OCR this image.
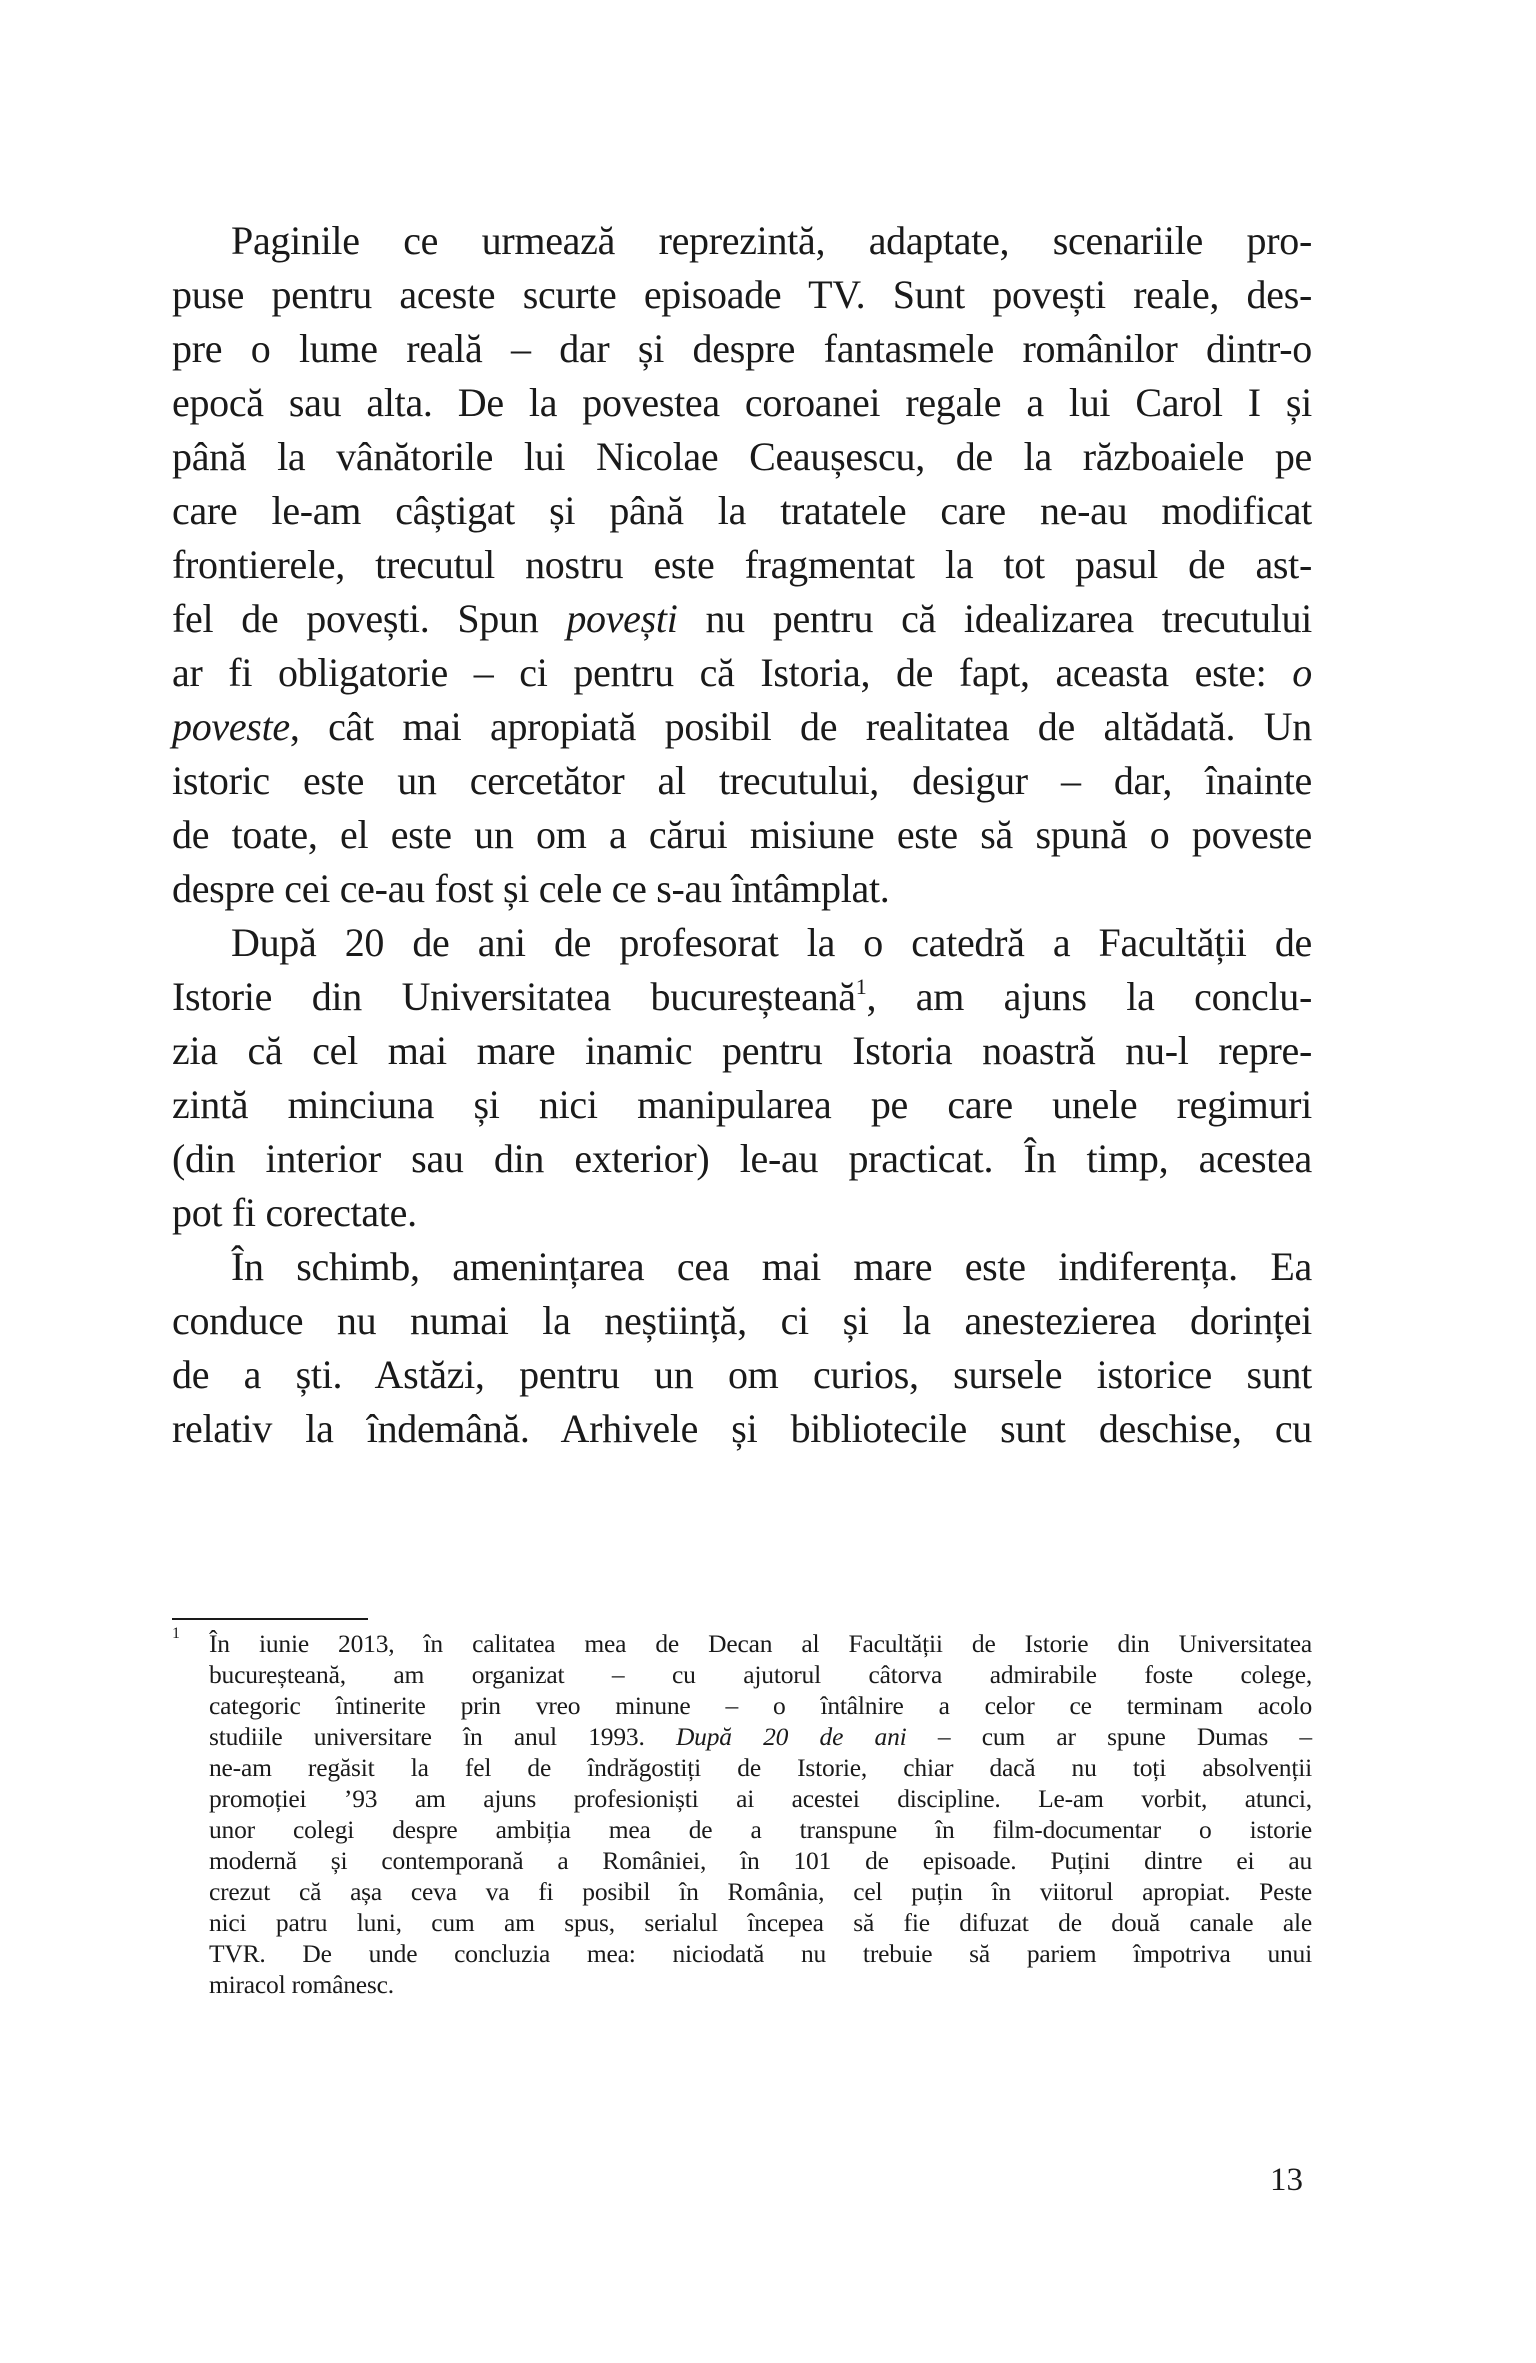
Paginile ce urmează reprezintă, adaptate, scenariile pro-
puse pentru aceste scurte episoade TV. Sunt povești reale, des-
pre o lume reală – dar și despre fantasmele românilor dintr-o
epocă sau alta. De la povestea coroanei regale a lui Carol I și
până la vânătorile lui Nicolae Ceaușescu, de la războaiele pe
care le-am câștigat și până la tratatele care ne-au modificat
frontierele, trecutul nostru este fragmentat la tot pasul de ast-
fel de povești. Spun povești nu pentru că idealizarea trecutului
ar fi obligatorie – ci pentru că Istoria, de fapt, aceasta este: o
poveste, cât mai apropiată posibil de realitatea de altădată. Un
istoric este un cercetător al trecutului, desigur – dar, înainte
de toate, el este un om a cărui misiune este să spună o poveste
despre cei ce-au fost și cele ce s-au întâmplat.
După 20 de ani de profesorat la o catedră a Facultății de
Istorie din Universitatea bucureșteană$^1$, am ajuns la conclu-
zia că cel mai mare inamic pentru Istoria noastră nu-l repre-
zintă minciuna și nici manipularea pe care unele regimuri
(din interior sau din exterior) le-au practicat. În timp, acestea
pot fi corectate.
În schimb, amenințarea cea mai mare este indiferența. Ea
conduce nu numai la neștiință, ci și la anestezierea dorinței
de a ști. Astăzi, pentru un om curios, sursele istorice sunt
relativ la îndemână. Arhivele și bibliotecile sunt deschise, cu
1 În iunie 2013, în calitatea mea de Decan al Facultății de Istorie din Universitatea
bucureșteană, am organizat – cu ajutorul câtorva admirabile foste colege,
categoric întinerite prin vreo minune – o întâlnire a celor ce terminam acolo
studiile universitare în anul 1993. După 20 de ani – cum ar spune Dumas –
ne-am regăsit la fel de îndrăgostiți de Istorie, chiar dacă nu toți absolvenții
promoției ’93 am ajuns profesioniști ai acestei discipline. Le-am vorbit, atunci,
unor colegi despre ambiția mea de a transpune în film-documentar o istorie
modernă și contemporană a României, în 101 de episoade. Puțini dintre ei au
crezut că așa ceva va fi posibil în România, cel puțin în viitorul apropiat. Peste
nici patru luni, cum am spus, serialul începea să fie difuzat de două canale ale
TVR. De unde concluzia mea: niciodată nu trebuie să pariem împotriva unui
miracol românesc.
13
